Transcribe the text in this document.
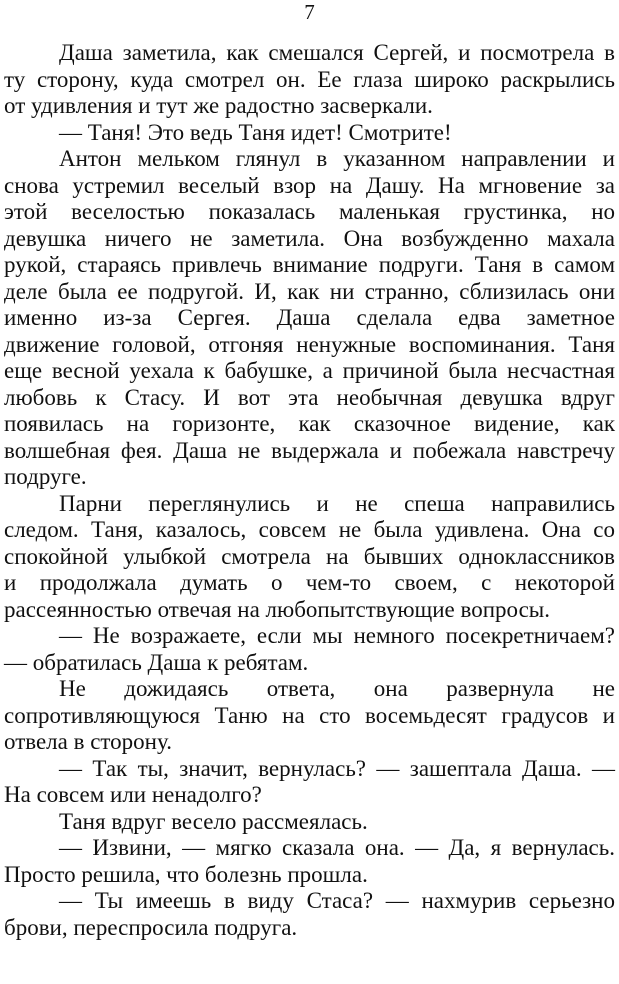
7

Даша заметила, как смешался Сергей, и посмотрела в
ту сторону, куда смотрел он. Ее глаза широко раскрылись
от удивления и тут же радостно засверкали.

— Таня! Это ведь Таня идет! Смотрите!

Антон мельком глянул в указанном направлении и
снова устремил веселый взор на Дашу. На мгновение за
этой веселостью показалась маленькая грустинка, но
девушка ничего не заметила. Она возбужденно махала
рукой, стараясь привлечь внимание подруги. Таня в самом
деле была ее подругой. И, как ни странно, сблизилась они
именно из-за Сергея. Даша сделала едва заметное
движение головой, отгоняя ненужные воспоминания. Таня
еще весной уехала к бабушке, а причиной была несчастная
любовь к Стасу. И вот эта необычная девушка вдруг
появилась на горизонте, как сказочное видение, как
волшебная фея. Даша не выдержала и побежала навстречу
подруге.

Парни переглянулись и не спеша направились
следом. Таня, казалось, совсем не была удивлена. Она со
спокойной улыбкой смотрела на бывших одноклассников
и продолжала думать о чем-то своем, с некоторой
рассеянностью отвечая на любопытствующие вопросы.

— Не возражаете, если мы немного посекретничаем?
— обратилась Даша к ребятам.

Не дожидаясь ответа, она развернула не
сопротивляющуюся Таню на сто восемьдесят градусов и
отвела в сторону.

— Так ты, значит, вернулась? — зашептала Даша. —
На совсем или ненадолго?

Таня вдруг весело рассмеялась.

— Извини, — мягко сказала она. — Да, я вернулась.
Просто решила, что болезнь прошла.

— Ты имеешь в виду Стаса? — нахмурив серьезно
брови, переспросила подруга.
